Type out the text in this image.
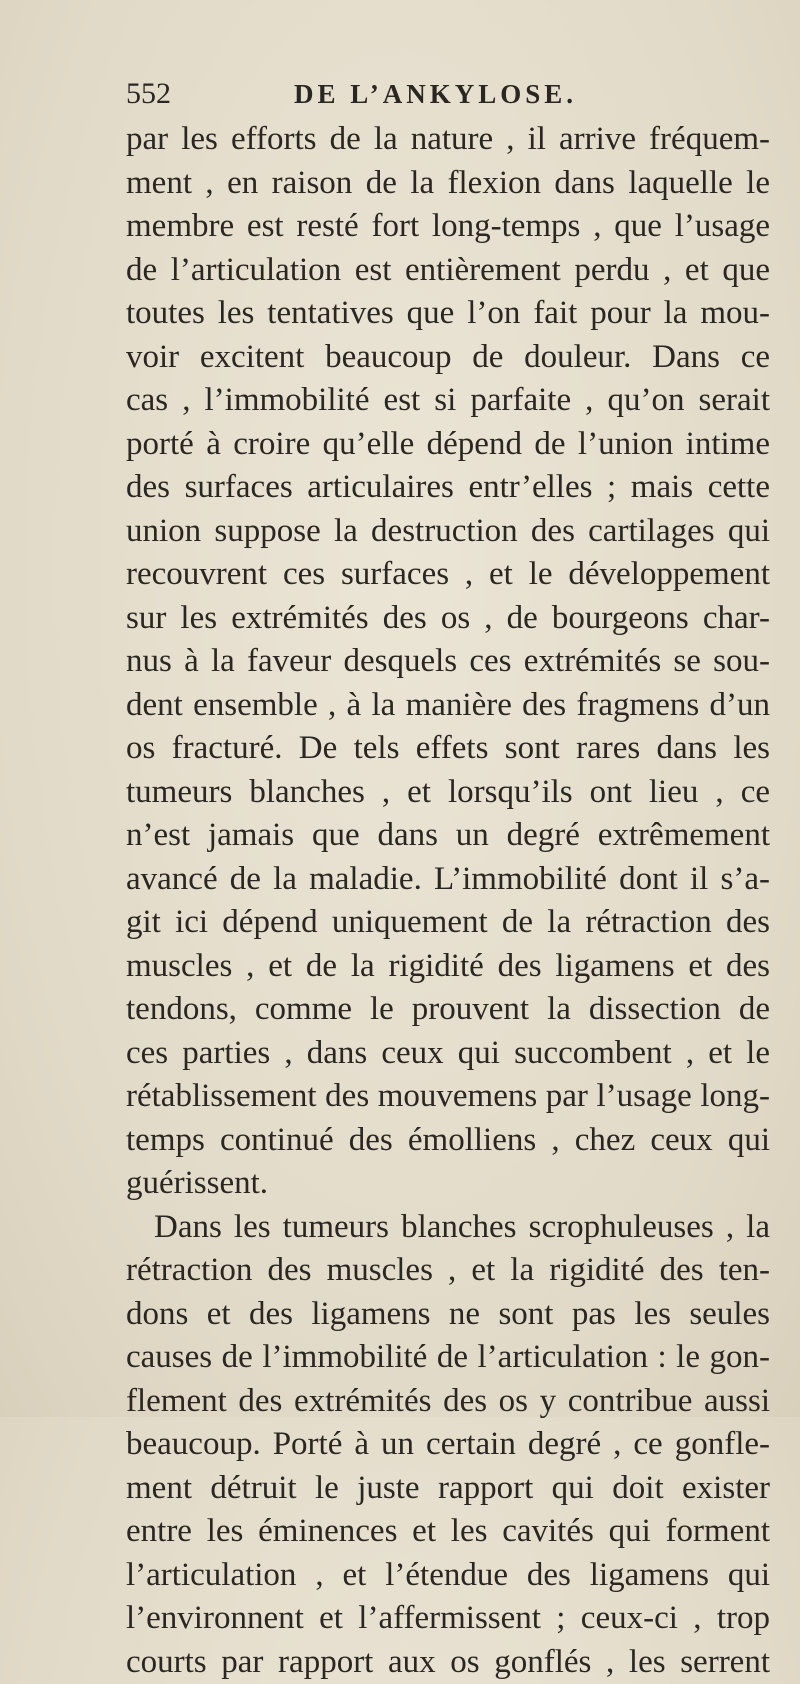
552	DE L’ANKYLOSE.
par les efforts de la nature , il arrive fréquem-
ment , en raison de la flexion dans laquelle le
membre est resté fort long-temps , que l’usage
de l’articulation est entièrement perdu , et que
toutes les tentatives que l’on fait pour la mou-
voir excitent beaucoup de douleur. Dans ce
cas , l’immobilité est si parfaite , qu’on serait
porté à croire qu’elle dépend de l’union intime
des surfaces articulaires entr’elles ; mais cette
union suppose la destruction des cartilages qui
recouvrent ces surfaces , et le développement
sur les extrémités des os , de bourgeons char-
nus à la faveur desquels ces extrémités se sou-
dent ensemble , à la manière des fragmens d’un
os fracturé. De tels effets sont rares dans les
tumeurs blanches , et lorsqu’ils ont lieu , ce
n’est jamais que dans un degré extrêmement
avancé de la maladie. L’immobilité dont il s’a-
git ici dépend uniquement de la rétraction des
muscles , et de la rigidité des ligamens et des
tendons, comme le prouvent la dissection de
ces parties , dans ceux qui succombent , et le
rétablissement des mouvemens par l’usage long-
temps continué des émolliens , chez ceux qui
guérissent.
Dans les tumeurs blanches scrophuleuses , la
rétraction des muscles , et la rigidité des ten-
dons et des ligamens ne sont pas les seules
causes de l’immobilité de l’articulation : le gon-
flement des extrémités des os y contribue aussi
beaucoup. Porté à un certain degré , ce gonfle-
ment détruit le juste rapport qui doit exister
entre les éminences et les cavités qui forment
l’articulation , et l’étendue des ligamens qui
l’environnent et l’affermissent ; ceux-ci , trop
courts par rapport aux os gonflés , les serrent
